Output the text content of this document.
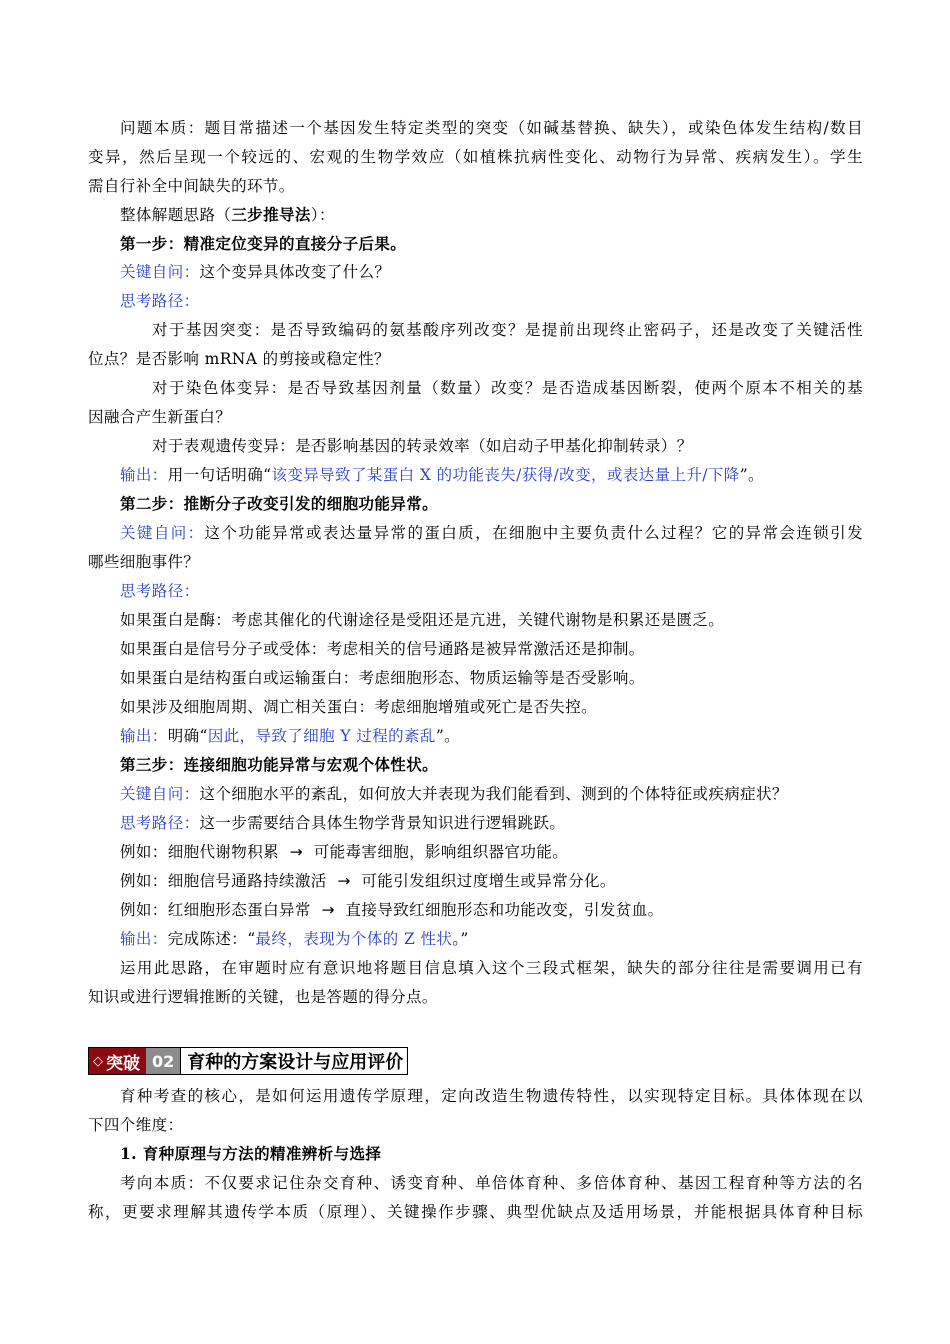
问题本质：题目常描述一个基因发生特定类型的突变（如碱基替换、缺失），或染色体发生结构/数目
变异，然后呈现一个较远的、宏观的生物学效应（如植株抗病性变化、动物行为异常、疾病发生）。学生
需自行补全中间缺失的环节。
整体解题思路（三步推导法）：
第一步：精准定位变异的直接分子后果。
关键自问：这个变异具体改变了什么？
思考路径：
对于基因突变：是否导致编码的氨基酸序列改变？是提前出现终止密码子，还是改变了关键活性
位点？是否影响 mRNA 的剪接或稳定性？
对于染色体变异：是否导致基因剂量（数量）改变？是否造成基因断裂，使两个原本不相关的基
因融合产生新蛋白？
对于表观遗传变异：是否影响基因的转录效率（如启动子甲基化抑制转录）？
输出：用一句话明确“该变异导致了某蛋白 X 的功能丧失/获得/改变，或表达量上升/下降”。
第二步：推断分子改变引发的细胞功能异常。
关键自问：这个功能异常或表达量异常的蛋白质，在细胞中主要负责什么过程？它的异常会连锁引发
哪些细胞事件？
思考路径：
如果蛋白是酶：考虑其催化的代谢途径是受阻还是亢进，关键代谢物是积累还是匮乏。
如果蛋白是信号分子或受体：考虑相关的信号通路是被异常激活还是抑制。
如果蛋白是结构蛋白或运输蛋白：考虑细胞形态、物质运输等是否受影响。
如果涉及细胞周期、凋亡相关蛋白：考虑细胞增殖或死亡是否失控。
输出：明确“因此，导致了细胞 Y 过程的紊乱”。
第三步：连接细胞功能异常与宏观个体性状。
关键自问：这个细胞水平的紊乱，如何放大并表现为我们能看到、测到的个体特征或疾病症状？
思考路径：这一步需要结合具体生物学背景知识进行逻辑跳跃。
例如：细胞代谢物积累 → 可能毒害细胞，影响组织器官功能。
例如：细胞信号通路持续激活 → 可能引发组织过度增生或异常分化。
例如：红细胞形态蛋白异常 → 直接导致红细胞形态和功能改变，引发贫血。
输出：完成陈述：“最终，表现为个体的 Z 性状。”
运用此思路，在审题时应有意识地将题目信息填入这个三段式框架，缺失的部分往往是需要调用已有
知识或进行逻辑推断的关键，也是答题的得分点。
◇ 突破 02 育种的方案设计与应用评价
育种考查的核心，是如何运用遗传学原理，定向改造生物遗传特性，以实现特定目标。具体体现在以
下四个维度：
1. 育种原理与方法的精准辨析与选择
考向本质：不仅要求记住杂交育种、诱变育种、单倍体育种、多倍体育种、基因工程育种等方法的名
称，更要求理解其遗传学本质（原理）、关键操作步骤、典型优缺点及适用场景，并能根据具体育种目标
